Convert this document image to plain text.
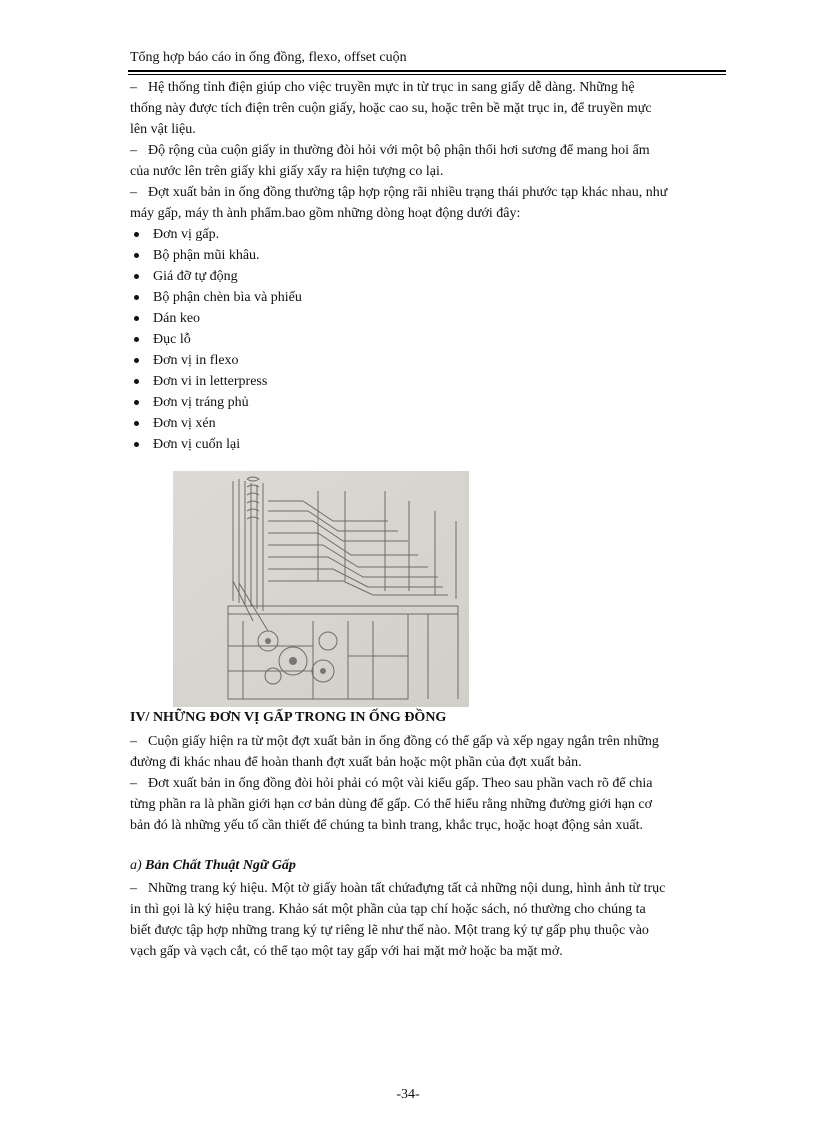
Tổng hợp báo cáo in ống đồng, flexo, offset cuộn
– Hệ thống tỉnh điện giúp cho việc truyền mực in từ trục in sang giấy dễ dàng. Những hệ
thống này được tích điện trên cuộn giấy, hoặc cao su, hoặc trên bề mặt trục in, để truyền mực
lên vật liệu.
– Độ rộng của cuộn giấy in thường đòi hỏi với một bộ phận thổi hơi sương để mang hoi ẩm
của nước lên trên giấy khi giấy xẩy ra hiện tượng co lại.
– Đợt xuất bản in ống đồng thường tập hợp rộng rãi nhiều trạng thái phước tạp khác nhau, như
máy gấp, máy th ành phẩm.bao gồm những dòng hoạt động dưới đây:
Đơn vị gấp.
Bộ phận mũi khâu.
Giá đỡ tự động
Bộ phận chèn bìa và phiếu
Dán keo
Đục lỗ
Đơn vị in flexo
Đơn vi in letterpress
Đơn vị tráng phủ
Đơn vị xén
Đơn vị cuốn lại
IV/ NHỮNG ĐƠN VỊ GẤP TRONG IN ỐNG ĐỒNG
– Cuộn giấy hiện ra từ một đợt xuất bản in ống đồng có thể gấp và xếp ngay ngắn trên những
đường đi khác nhau để hoàn thanh đợt xuất bản hoặc một phần của đợt xuất bản.
– Đơt xuất bản in ống đồng đòi hỏi phải có một vài kiểu gấp. Theo sau phần vach rõ để chia
từng phần ra là phần giới hạn cơ bản dùng để gấp. Có thể hiểu rằng những đường giới hạn cơ
bản đó là những yếu tố cần thiết để chúng ta bình trang, khắc trục, hoặc hoạt động sản xuất.
a) Bản Chất Thuật Ngữ Gấp
– Những trang ký hiệu. Một tờ giấy hoàn tất chứađựng tất cả những nội dung, hình ảnh từ trục
in thì gọi là ký hiệu trang. Khảo sát một phần của tạp chí hoặc sách, nó thường cho chúng ta
biết được tập hợp những trang ký tự riêng lẽ như thế nào. Một trang ký tự gấp phụ thuộc vào
vạch gấp và vạch cắt, có thể tạo một tay gấp với hai mặt mở hoặc ba mặt mở.
-34-
